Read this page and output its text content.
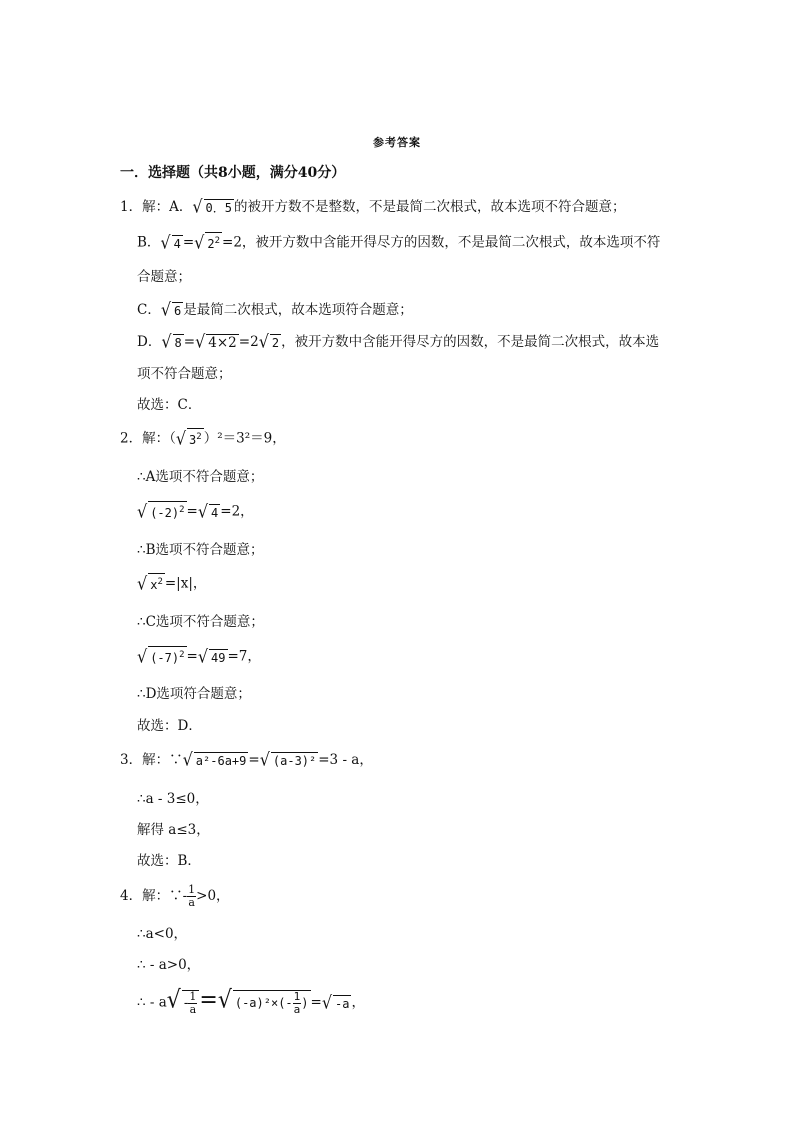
参考答案
一．选择题（共8小题，满分40分）
1．解：A．√ 0．5 的被开方数不是整数，不是最简二次根式，故本选项不符合题意；
B．√ 4 =√ $2^2 =2$，被开方数中含能开得尽方的因数，不是最简二次根式，故本选项不符
合题意；
C．√ 6 是最简二次根式，故本选项符合题意；
D．√ 8 =√ 4×2 =2√ 2 ，被开方数中含能开得尽方的因数，不是最简二次根式，故本选
项不符合题意；
故选：C．
2．解：（√ $3^2$ ）²＝3²＝9，
∴A选项不符合题意；
√ $(-2)^2$ =√ 4 =2，
∴B选项不符合题意；
√ $x^2 =|x|$，
∴C选项不符合题意；
√ $(-7)^2$ =√ 49 =7，
∴D选项符合题意；
故选：D．
3．解：∵√ a²-6a+9 =√ (a-3)² =3 - a，
∴a - 3≤0，
解得 a≤3，
故选：B．
4．解：∵- $\frac{1}{a} >0$，
∴a<0，
∴ - a>0，
∴ - $a√ - \frac{1}{a}$ =√ $(-a)^2\times(- \frac{1}{a}$ ) =√ -a ，
